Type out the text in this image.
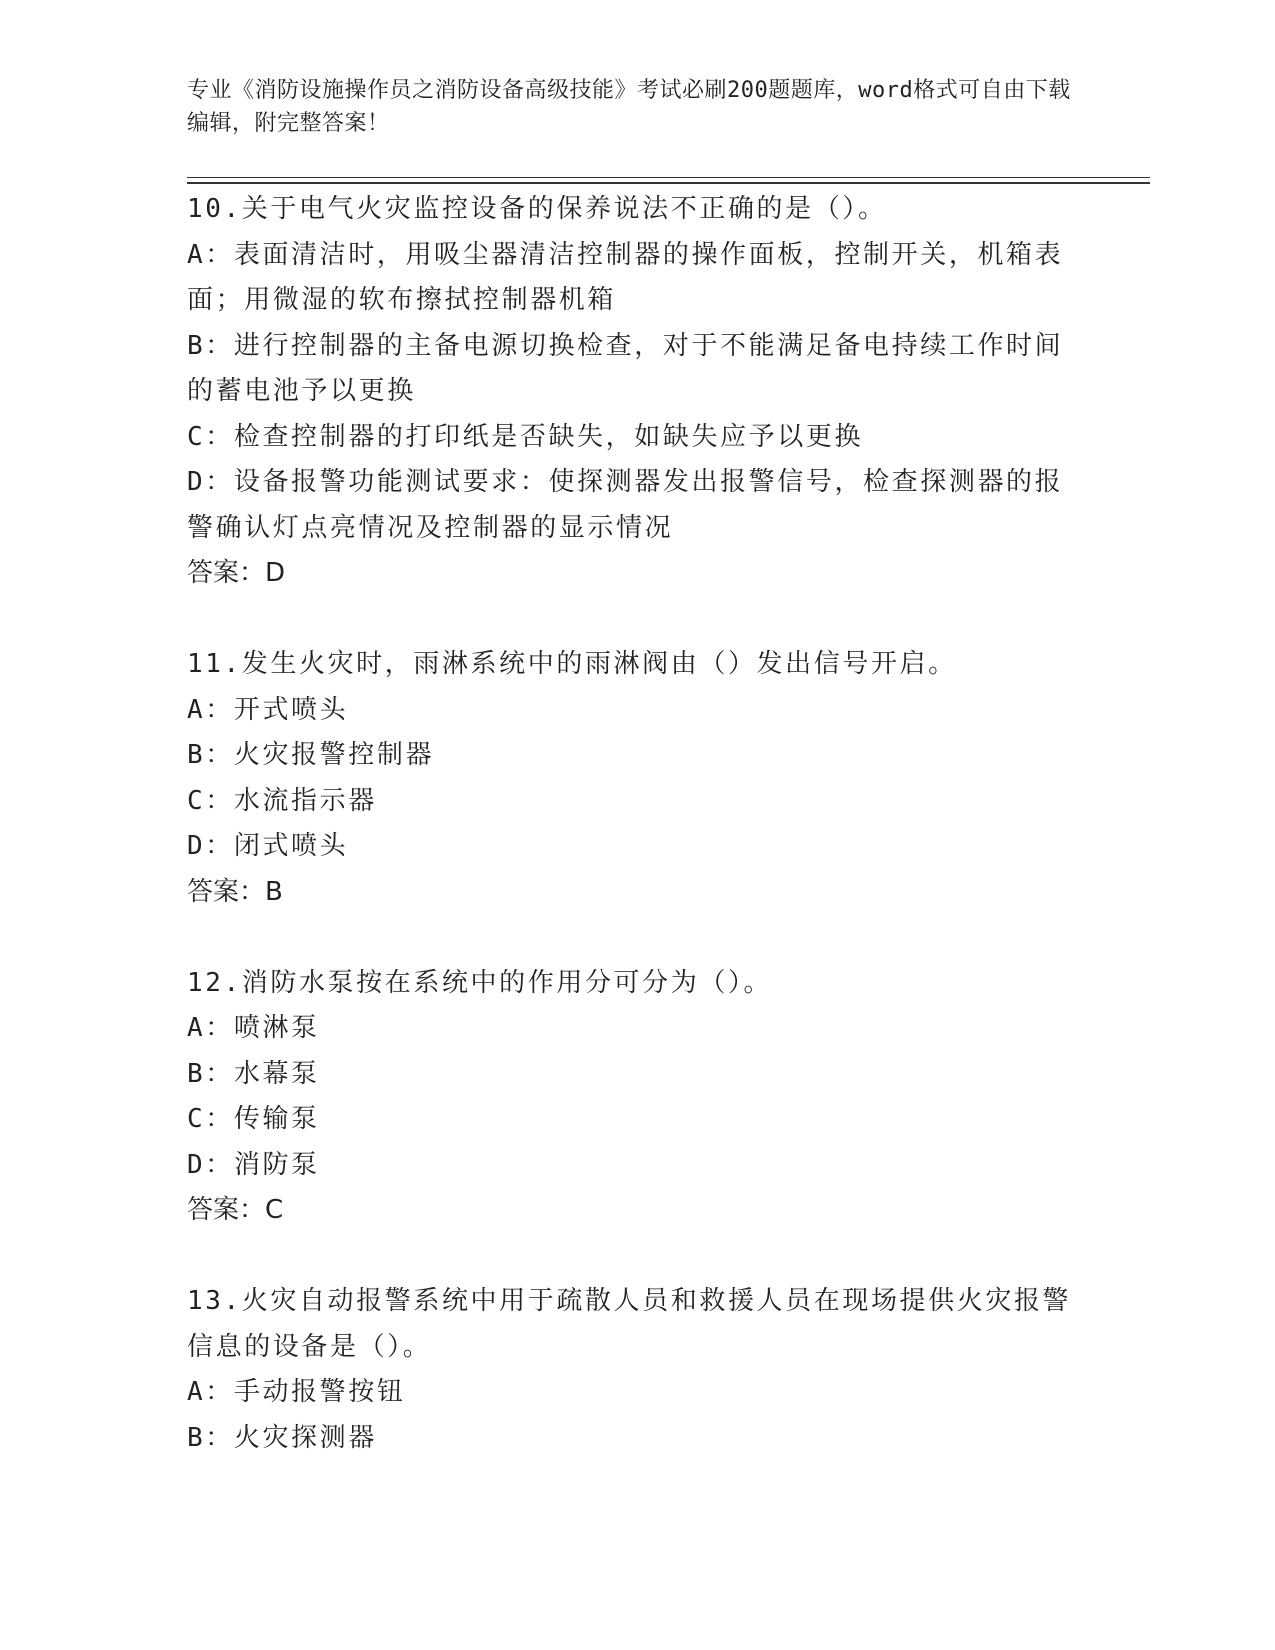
专业《消防设施操作员之消防设备高级技能》考试必刷200题题库，word格式可自由下载编辑，附完整答案！
10.关于电气火灾监控设备的保养说法不正确的是（）。
A：表面清洁时，用吸尘器清洁控制器的操作面板，控制开关，机箱表面；用微湿的软布擦拭控制器机箱
B：进行控制器的主备电源切换检查，对于不能满足备电持续工作时间的蓄电池予以更换
C：检查控制器的打印纸是否缺失，如缺失应予以更换
D：设备报警功能测试要求：使探测器发出报警信号，检查探测器的报警确认灯点亮情况及控制器的显示情况
答案：D
11.发生火灾时，雨淋系统中的雨淋阀由（）发出信号开启。
A：开式喷头
B：火灾报警控制器
C：水流指示器
D：闭式喷头
答案：B
12.消防水泵按在系统中的作用分可分为（）。
A：喷淋泵
B：水幕泵
C：传输泵
D：消防泵
答案：C
13.火灾自动报警系统中用于疏散人员和救援人员在现场提供火灾报警信息的设备是（）。
A：手动报警按钮
B：火灾探测器
